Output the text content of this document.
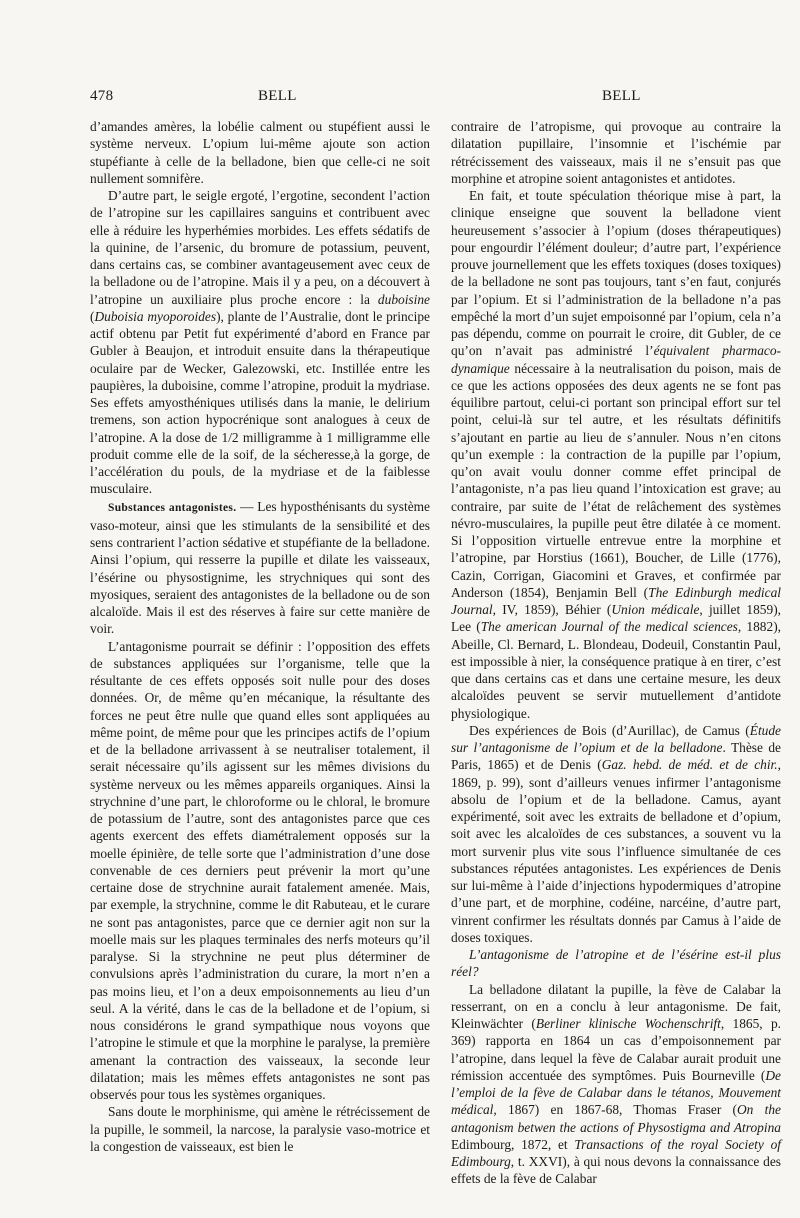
478	BELL	BELL

d’amandes amères, la lobélie calment ou stupéfient aussi le système nerveux. L’opium lui-même ajoute son action stupéfiante à celle de la belladone, bien que celle-ci ne soit nullement somnifère.

D’autre part, le seigle ergoté, l’ergotine, secondent l’action de l’atropine sur les capillaires sanguins et contribuent avec elle à réduire les hyperhémies morbides. Les effets sédatifs de la quinine, de l’arsenic, du bromure de potassium, peuvent, dans certains cas, se combiner avantageusement avec ceux de la belladone ou de l’atropine. Mais il y a peu, on a découvert à l’atropine un auxiliaire plus proche encore : la duboisine (Duboisia myoporoides), plante de l’Australie, dont le principe actif obtenu par Petit fut expérimenté d’abord en France par Gubler à Beaujon, et introduit ensuite dans la thérapeutique oculaire par de Wecker, Galezowski, etc. Instillée entre les paupières, la duboisine, comme l’atropine, produit la mydriase. Ses effets amyosthéniques utilisés dans la manie, le delirium tremens, son action hypocrénique sont analogues à ceux de l’atropine. A la dose de 1/2 milligramme à 1 milligramme elle produit comme elle de la soif, de la sécheresse,à la gorge, de l’accélération du pouls, de la mydriase et de la faiblesse musculaire.

Substances antagonistes. — Les hyposthénisants du système vaso-moteur, ainsi que les stimulants de la sensibilité et des sens contrarient l’action sédative et stupéfiante de la belladone. Ainsi l’opium, qui resserre la pupille et dilate les vaisseaux, l’ésérine ou physostignime, les strychniques qui sont des myosiques, seraient des antagonistes de la belladone ou de son alcaloïde. Mais il est des réserves à faire sur cette manière de voir.

L’antagonisme pourrait se définir : l’opposition des effets de substances appliquées sur l’organisme, telle que la résultante de ces effets opposés soit nulle pour des doses données. Or, de même qu’en mécanique, la résultante des forces ne peut être nulle que quand elles sont appliquées au même point, de même pour que les principes actifs de l’opium et de la belladone arrivassent à se neutraliser totalement, il serait nécessaire qu’ils agissent sur les mêmes divisions du système nerveux ou les mêmes appareils organiques. Ainsi la strychnine d’une part, le chloroforme ou le chloral, le bromure de potassium de l’autre, sont des antagonistes parce que ces agents exercent des effets diamétralement opposés sur la moelle épinière, de telle sorte que l’administration d’une dose convenable de ces derniers peut prévenir la mort qu’une certaine dose de strychnine aurait fatalement amenée. Mais, par exemple, la strychnine, comme le dit Rabuteau, et le curare ne sont pas antagonistes, parce que ce dernier agit non sur la moelle mais sur les plaques terminales des nerfs moteurs qu’il paralyse. Si la strychnine ne peut plus déterminer de convulsions après l’administration du curare, la mort n’en a pas moins lieu, et l’on a deux empoisonnements au lieu d’un seul. A la vérité, dans le cas de la belladone et de l’opium, si nous considérons le grand sympathique nous voyons que l’atropine le stimule et que la morphine le paralyse, la première amenant la contraction des vaisseaux, la seconde leur dilatation; mais les mêmes effets antagonistes ne sont pas observés pour tous les systèmes organiques.

Sans doute le morphinisme, qui amène le rétrécissement de la pupille, le sommeil, la narcose, la paralysie vaso-motrice et la congestion de vaisseaux, est bien le

contraire de l’atropisme, qui provoque au contraire la dilatation pupillaire, l’insomnie et l’ischémie par rétrécissement des vaisseaux, mais il ne s’ensuit pas que morphine et atropine soient antagonistes et antidotes.

En fait, et toute spéculation théorique mise à part, la clinique enseigne que souvent la belladone vient heureusement s’associer à l’opium (doses thérapeutiques) pour engourdir l’élément douleur; d’autre part, l’expérience prouve journellement que les effets toxiques (doses toxiques) de la belladone ne sont pas toujours, tant s’en faut, conjurés par l’opium. Et si l’administration de la belladone n’a pas empêché la mort d’un sujet empoisonné par l’opium, cela n’a pas dépendu, comme on pourrait le croire, dit Gubler, de ce qu’on n’avait pas administré l’équivalent pharmaco-dynamique nécessaire à la neutralisation du poison, mais de ce que les actions opposées des deux agents ne se font pas équilibre partout, celui-ci portant son principal effort sur tel point, celui-là sur tel autre, et les résultats définitifs s’ajoutant en partie au lieu de s’annuler. Nous n’en citons qu’un exemple : la contraction de la pupille par l’opium, qu’on avait voulu donner comme effet principal de l’antagoniste, n’a pas lieu quand l’intoxication est grave; au contraire, par suite de l’état de relâchement des systèmes névro-musculaires, la pupille peut être dilatée à ce moment. Si l’opposition virtuelle entrevue entre la morphine et l’atropine, par Horstius (1661), Boucher, de Lille (1776), Cazin, Corrigan, Giacomini et Graves, et confirmée par Anderson (1854), Benjamin Bell (The Edinburgh medical Journal, IV, 1859), Béhier (Union médicale, juillet 1859), Lee (The american Journal of the medical sciences, 1882), Abeille, Cl. Bernard, L. Blondeau, Dodeuil, Constantin Paul, est impossible à nier, la conséquence pratique à en tirer, c’est que dans certains cas et dans une certaine mesure, les deux alcaloïdes peuvent se servir mutuellement d’antidote physiologique.

Des expériences de Bois (d’Aurillac), de Camus (Étude sur l’antagonisme de l’opium et de la belladone. Thèse de Paris, 1865) et de Denis (Gaz. hebd. de méd. et de chir., 1869, p. 99), sont d’ailleurs venues infirmer l’antagonisme absolu de l’opium et de la belladone. Camus, ayant expérimenté, soit avec les extraits de belladone et d’opium, soit avec les alcaloïdes de ces substances, a souvent vu la mort survenir plus vite sous l’influence simultanée de ces substances réputées antagonistes. Les expériences de Denis sur lui-même à l’aide d’injections hypodermiques d’atropine d’une part, et de morphine, codéine, narcéine, d’autre part, vinrent confirmer les résultats donnés par Camus à l’aide de doses toxiques.

L’antagonisme de l’atropine et de l’ésérine est-il plus réel?

La belladone dilatant la pupille, la fève de Calabar la resserrant, on en a conclu à leur antagonisme. De fait, Kleinwächter (Berliner klinische Wochenschrift, 1865, p. 369) rapporta en 1864 un cas d’empoisonnement par l’atropine, dans lequel la fève de Calabar aurait produit une rémission accentuée des symptômes. Puis Bourneville (De l’emploi de la fève de Calabar dans le tétanos, Mouvement médical, 1867) en 1867-68, Thomas Fraser (On the antagonism betwen the actions of Physostigma and Atropina Edimbourg, 1872, et Transactions of the royal Society of Edimbourg, t. XXVI), à qui nous devons la connaissance des effets de la fève de Calabar
